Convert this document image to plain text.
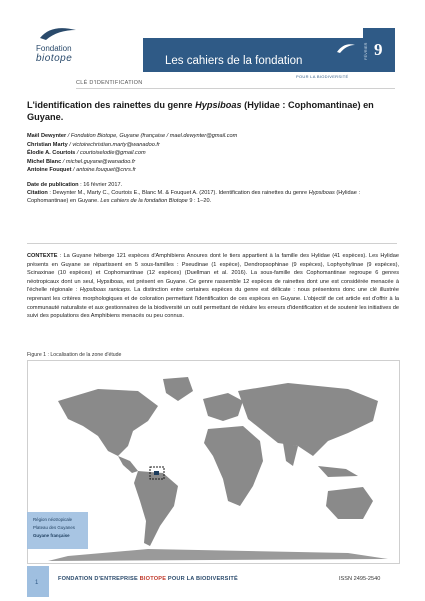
Fondation
biotope	Les cahiers de la fondation
POUR LA BIODIVERSITÉ
9
FÉVRIER
CLÉ D'IDENTIFICATION
L'identification des rainettes du genre Hypsiboas (Hylidae : Cophomantinae) en Guyane.
Maël Dewynter / Fondation Biotope, Guyane (française / mael.dewynter@gmail.com
Christian Marty / victoirechristian.marty@wanadoo.fr
Élodie A. Courtois / courtoiselodie@gmail.com
Michel Blanc / michel.guyane@wanadoo.fr
Antoine Fouquet / antoine.fouquet@cnrs.fr
Date de publication : 16 février 2017.
Citation : Dewynter M., Marty C., Courtois E., Blanc M. & Fouquet A. (2017). Identification des rainettes du genre Hypsiboas (Hylidae : Cophomantinae) en Guyane. Les cahiers de la fondation Biotope 9 : 1–20.
CONTEXTE : La Guyane héberge 121 espèces d'Amphibiens Anoures dont le tiers appartient à la famille des Hylidae (41 espèces). Les Hylidae présents en Guyane se répartissent en 5 sous-familles : Pseudinae (1 espèce), Dendropsophinae (9 espèces), Lophyohylinae (9 espèces), Scinaxinae (10 espèces) et Cophomantinae (12 espèces) (Duellman et al. 2016). La sous-famille des Cophomantinae regroupe 6 genres néotropicaux dont un seul, Hypsiboas, est présent en Guyane. Ce genre rassemble 12 espèces de rainettes dont une est considérée menacée à l'échelle régionale : Hypsiboas raniceps. La distinction entre certaines espèces du genre est délicate : nous présentons donc une clé illustrée reprenant les critères morphologiques et de coloration permettant l'identification de ces espèces en Guyane. L'objectif de cet article est d'offrir à la communauté naturaliste et aux gestionnaires de la biodiversité un outil permettant de réduire les erreurs d'identification et de soutenir les initiatives de suivi des populations des Amphibiens menacés ou peu connus.
Figure 1 : Localisation de la zone d'étude
Région néotropicale
Plateau des Guyanes
Guyane française
1
FONDATION D'ENTREPRISE BIOTOPE POUR LA BIODIVERSITÉ	ISSN 2495-2540
